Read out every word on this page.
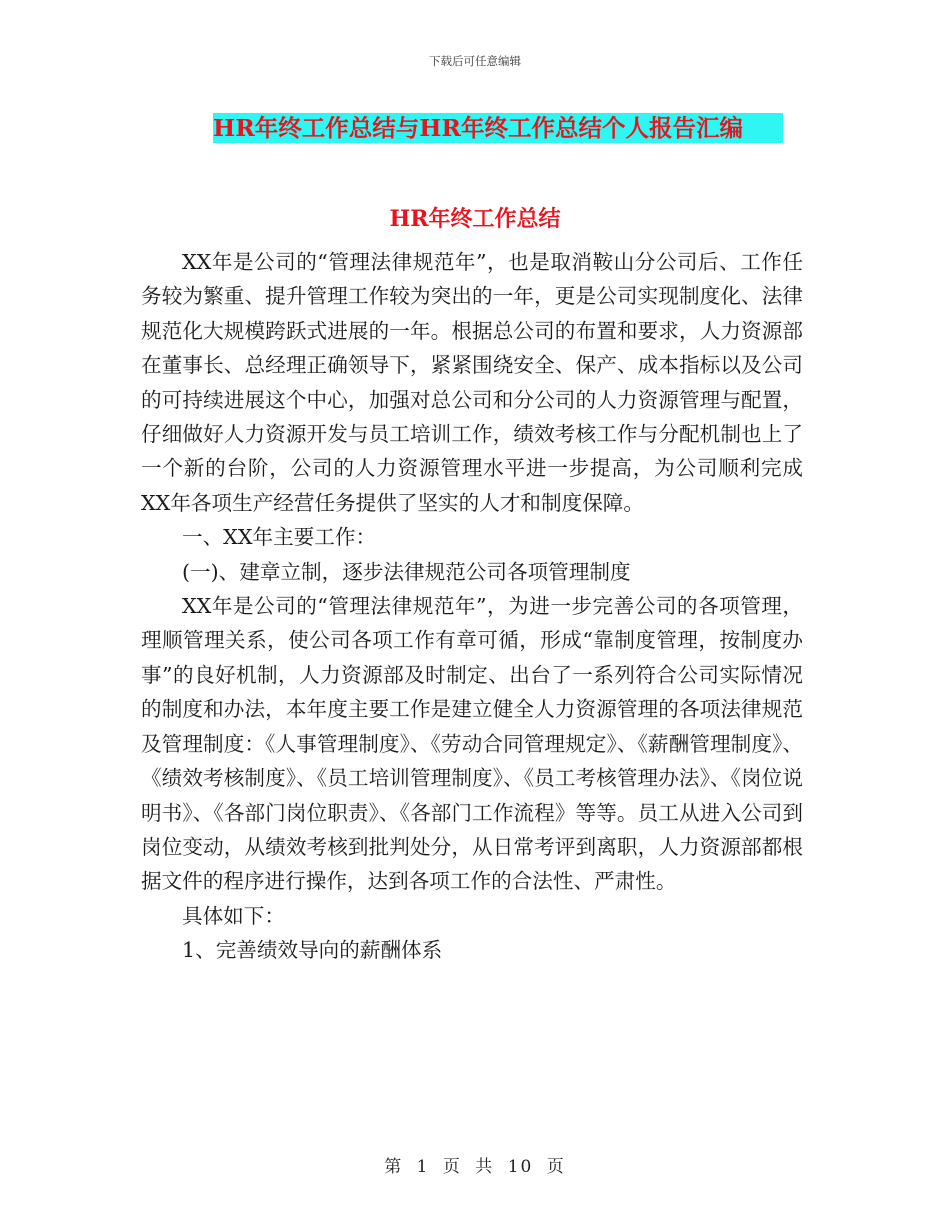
下载后可任意编辑
HR年终工作总结与HR年终工作总结个人报告汇编
HR年终工作总结

XX年是公司的“管理法律规范年”，也是取消鞍山分公司后、工作任务较为繁重、提升管理工作较为突出的一年，更是公司实现制度化、法律规范化大规模跨跃式进展的一年。根据总公司的布置和要求，人力资源部在董事长、总经理正确领导下，紧紧围绕安全、保产、成本指标以及公司的可持续进展这个中心，加强对总公司和分公司的人力资源管理与配置，仔细做好人力资源开发与员工培训工作，绩效考核工作与分配机制也上了一个新的台阶，公司的人力资源管理水平进一步提高，为公司顺利完成XX年各项生产经营任务提供了坚实的人才和制度保障。

一、XX年主要工作：

(一)、建章立制，逐步法律规范公司各项管理制度

XX年是公司的“管理法律规范年”，为进一步完善公司的各项管理，理顺管理关系，使公司各项工作有章可循，形成“靠制度管理，按制度办事”的良好机制，人力资源部及时制定、出台了一系列符合公司实际情况的制度和办法，本年度主要工作是建立健全人力资源管理的各项法律规范及管理制度：《人事管理制度》、《劳动合同管理规定》、《薪酬管理制度》、《绩效考核制度》、《员工培训管理制度》、《员工考核管理办法》、《岗位说明书》、《各部门岗位职责》、《各部门工作流程》等等。员工从进入公司到岗位变动，从绩效考核到批判处分，从日常考评到离职，人力资源部都根据文件的程序进行操作，达到各项工作的合法性、严肃性。

具体如下：

1、完善绩效导向的薪酬体系

第 1 页 共 10 页
